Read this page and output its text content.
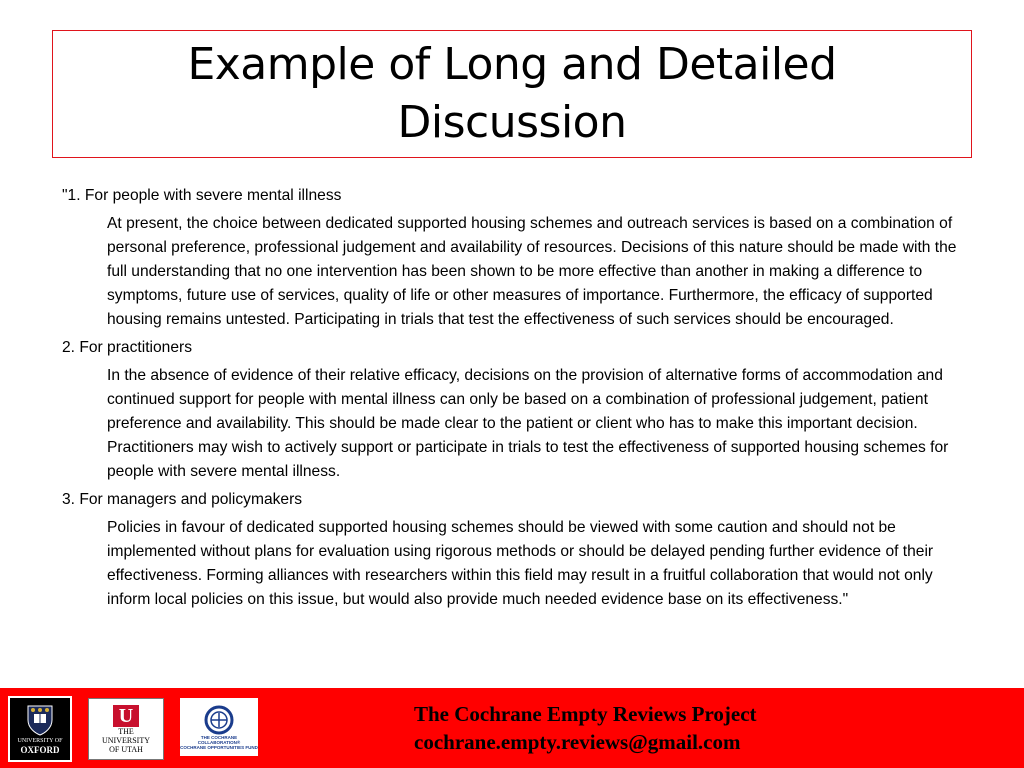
Example of Long and Detailed Discussion

"1. For people with severe mental illness

At present, the choice between dedicated supported housing schemes and outreach services is based on a combination of personal preference, professional judgement and availability of resources. Decisions of this nature should be made with the full understanding that no one intervention has been shown to be more effective than another in making a difference to symptoms, future use of services, quality of life or other measures of importance. Furthermore, the efficacy of supported housing remains untested. Participating in trials that test the effectiveness of such services should be encouraged.

2. For practitioners

In the absence of evidence of their relative efficacy, decisions on the provision of alternative forms of accommodation and continued support for people with mental illness can only be based on a combination of professional judgement, patient preference and availability. This should be made clear to the patient or client who has to make this important decision. Practitioners may wish to actively support or participate in trials to test the effectiveness of supported housing schemes for people with severe mental illness.

3. For managers and policymakers

Policies in favour of dedicated supported housing schemes should be viewed with some caution and should not be implemented without plans for evaluation using rigorous methods or should be delayed pending further evidence of their effectiveness. Forming alliances with researchers within this field may result in a fruitful collaboration that would not only inform local policies on this issue, but would also provide much needed evidence base on its effectiveness."

UNIVERSITY OF
OXFORD
U
THE
UNIVERSITY
OF UTAH
THE COCHRANE
COLLABORATION®
COCHRANE OPPORTUNITIES FUND
The Cochrane Empty Reviews Project
cochrane.empty.reviews@gmail.com
